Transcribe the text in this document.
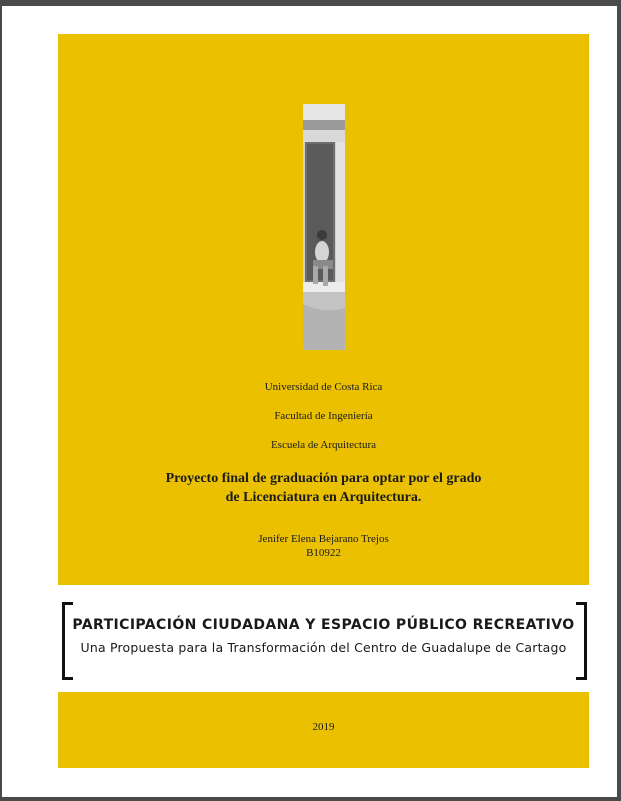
Universidad de Costa Rica
Facultad de Ingeniería
Escuela de Arquitectura
Proyecto final de graduación para optar por el grado
de Licenciatura en Arquitectura.
Jenifer Elena Bejarano Trejos
B10922
PARTICIPACIÓN CIUDADANA Y ESPACIO PÚBLICO RECREATIVO
Una Propuesta para la Transformación del Centro de Guadalupe de Cartago
2019
